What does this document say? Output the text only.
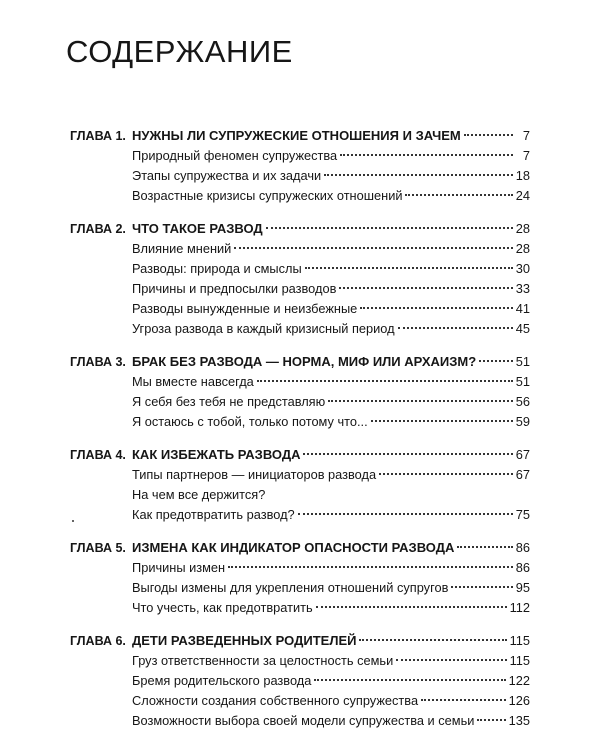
СОДЕРЖАНИЕ
ГЛАВА 1. НУЖНЫ ЛИ СУПРУЖЕСКИЕ ОТНОШЕНИЯ И ЗАЧЕМ	7
Природный феномен супружества	7
Этапы супружества и их задачи	18
Возрастные кризисы супружеских отношений	24
ГЛАВА 2. ЧТО ТАКОЕ РАЗВОД	28
Влияние мнений	28
Разводы: природа и смыслы	30
Причины и предпосылки разводов	33
Разводы вынужденные и неизбежные	41
Угроза развода в каждый кризисный период	45
ГЛАВА 3. БРАК БЕЗ РАЗВОДА — НОРМА, МИФ ИЛИ АРХАИЗМ?	51
Мы вместе навсегда	51
Я себя без тебя не представляю	56
Я остаюсь с тобой, только потому что...	59
ГЛАВА 4. КАК ИЗБЕЖАТЬ РАЗВОДА	67
Типы партнеров — инициаторов развода	67
На чем все держится?
Как предотвратить развод?	75
ГЛАВА 5. ИЗМЕНА КАК ИНДИКАТОР ОПАСНОСТИ РАЗВОДА	86
Причины измен	86
Выгоды измены для укрепления отношений супругов	95
Что учесть, как предотвратить	112
ГЛАВА 6. ДЕТИ РАЗВЕДЕННЫХ РОДИТЕЛЕЙ	115
Груз ответственности за целостность семьи	115
Бремя родительского развода	122
Сложности создания собственного супружества	126
Возможности выбора своей модели супружества и семьи	135
